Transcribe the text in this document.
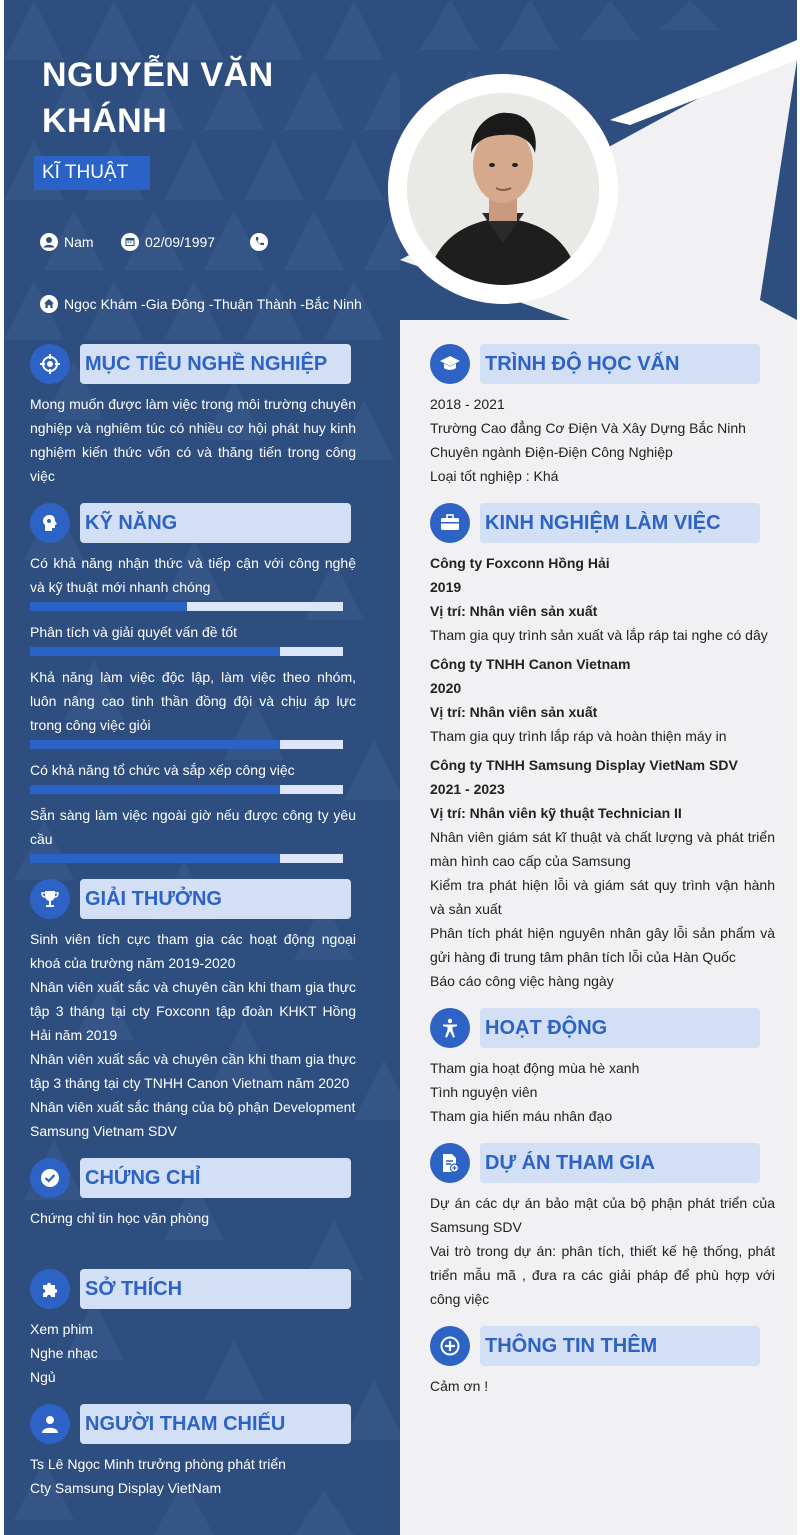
NGUYỄN VĂN KHÁNH
KĨ THUẬT
Nam	02/09/1997
Ngọc Khám -Gia Đông -Thuận Thành -Bắc Ninh
MỤC TIÊU NGHỀ NGHIỆP
Mong muốn được làm việc trong môi trường chuyên nghiệp và nghiêm túc có nhiều cơ hội phát huy kinh nghiệm kiến thức vốn có và thăng tiến trong công việc
KỸ NĂNG
Có khả năng nhận thức và tiếp cận với công nghệ và kỹ thuật mới nhanh chóng
Phân tích và giải quyết vấn đề tốt
Khả năng làm việc độc lập, làm việc theo nhóm, luôn nâng cao tinh thần đồng đội và chịu áp lực trong công việc giỏi
Có khả năng tổ chức và sắp xếp công việc
Sẵn sàng làm việc ngoài giờ nếu được công ty yêu cầu
GIẢI THƯỞNG
Sinh viên tích cực tham gia các hoạt động ngoại khoá của trường năm 2019-2020
Nhân viên xuất sắc và chuyên cần khi tham gia thực tập 3 tháng tại cty Foxconn tập đoàn KHKT Hồng Hải năm 2019
Nhân viên xuất sắc và chuyên cần khi tham gia thực tập 3 tháng tại cty TNHH Canon Vietnam năm 2020
Nhân viên xuất sắc tháng của bộ phận Development Samsung Vietnam SDV
CHỨNG CHỈ
Chứng chỉ tin học văn phòng
SỞ THÍCH
Xem phim
Nghe nhạc
Ngủ
NGƯỜI THAM CHIẾU
Ts Lê Ngọc Minh trưởng phòng phát triển
Cty Samsung Display VietNam
TRÌNH ĐỘ HỌC VẤN
2018 - 2021
Trường Cao đẳng Cơ Điện Và Xây Dựng Bắc Ninh
Chuyên ngành Điện-Điện Công Nghiệp
Loại tốt nghiệp : Khá
KINH NGHIỆM LÀM VIỆC
Công ty Foxconn Hồng Hải
2019
Vị trí: Nhân viên sản xuất
Tham gia quy trình sản xuất và lắp ráp tai nghe có dây
Công ty TNHH Canon Vietnam
2020
Vị trí: Nhân viên sản xuất
Tham gia quy trình lắp ráp và hoàn thiện máy in
Công ty TNHH Samsung Display VietNam SDV
2021 - 2023
Vị trí: Nhân viên kỹ thuật Technician II
Nhân viên giám sát kĩ thuật và chất lượng và phát triển màn hình cao cấp của Samsung
Kiểm tra phát hiện lỗi và giám sát quy trình vận hành và sản xuất
Phân tích phát hiện nguyên nhân gây lỗi sản phẩm và gửi hàng đi trung tâm phân tích lỗi của Hàn Quốc
Báo cáo công việc hàng ngày
HOẠT ĐỘNG
Tham gia hoạt động mùa hè xanh
Tình nguyện viên
Tham gia hiến máu nhân đạo
DỰ ÁN THAM GIA
Dự án các dự án bảo mật của bộ phận phát triển của Samsung SDV
Vai trò trong dự án: phân tích, thiết kế hệ thống, phát triển mẫu mã , đưa ra các giải pháp để phù hợp với công việc
THÔNG TIN THÊM
Cảm ơn !
